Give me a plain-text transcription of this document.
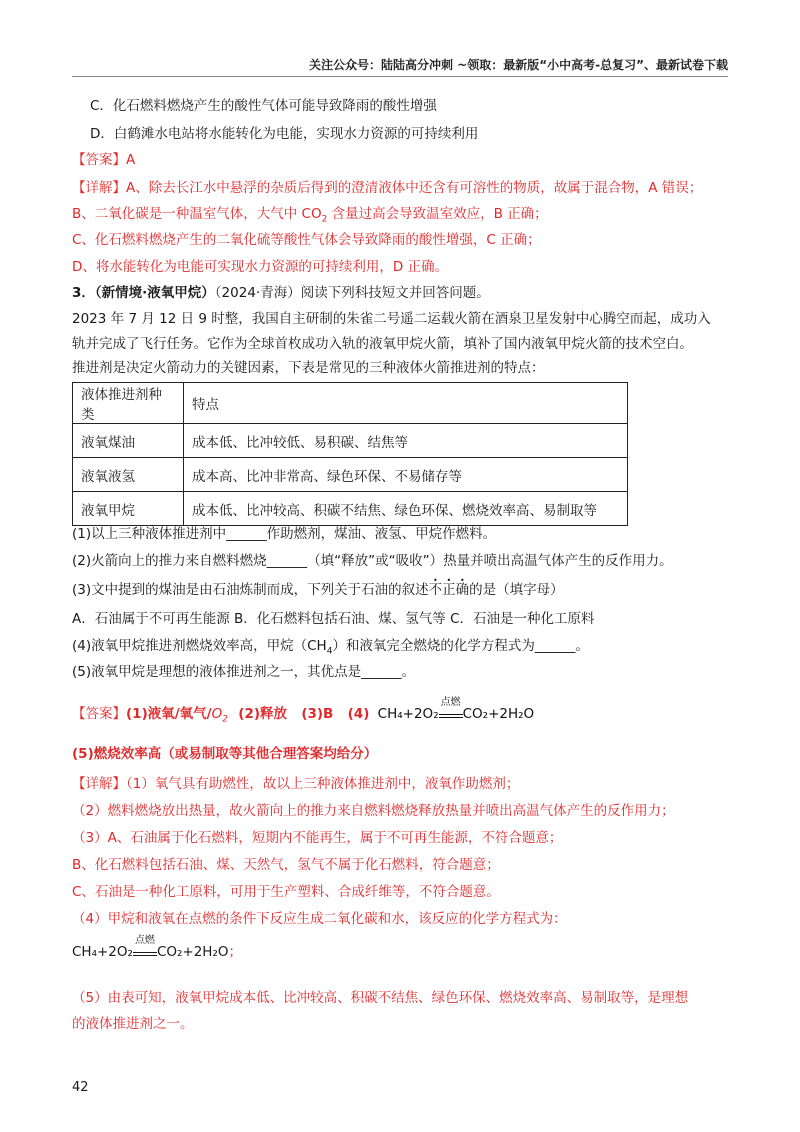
关注公众号：陆陆高分冲刺 ~领取：最新版“小中高考-总复习”、最新试卷下载
C．化石燃料燃烧产生的酸性气体可能导致降雨的酸性增强
D．白鹤滩水电站将水能转化为电能，实现水力资源的可持续利用
【答案】A
【详解】A、除去长江水中悬浮的杂质后得到的澄清液体中还含有可溶性的物质，故属于混合物，A 错误；
B、二氧化碳是一种温室气体，大气中 $CO_2$ 含量过高会导致温室效应，B 正确；
C、化石燃料燃烧产生的二氧化硫等酸性气体会导致降雨的酸性增强，C 正确；
D、将水能转化为电能可实现水力资源的可持续利用，D 正确。
3．（新情境·液氧甲烷）（2024·青海）阅读下列科技短文并回答问题。
2023 年 7 月 12 日 9 时整，我国自主研制的朱雀二号遥二运载火箭在酒泉卫星发射中心腾空而起，成功入
轨并完成了飞行任务。它作为全球首枚成功入轨的液氧甲烷火箭，填补了国内液氧甲烷火箭的技术空白。
推进剂是决定火箭动力的关键因素，下表是常见的三种液体火箭推进剂的特点：
液体推进剂种类	特点
液氧煤油	成本低、比冲较低、易积碳、结焦等
液氧液氢	成本高、比冲非常高、绿色环保、不易储存等
液氧甲烷	成本低、比冲较高、积碳不结焦、绿色环保、燃烧效率高、易制取等
(1)以上三种液体推进剂中______作助燃剂，煤油、液氢、甲烷作燃料。
(2)火箭向上的推力来自燃料燃烧______（填“释放”或“吸收”）热量并喷出高温气体产生的反作用力。
(3)文中提到的煤油是由石油炼制而成，下列关于石油的叙述不正确的是（填字母）
A．石油属于不可再生能源 B．化石燃料包括石油、煤、氢气等 C．石油是一种化工原料
(4)液氧甲烷推进剂燃烧效率高，甲烷$(CH_4)$和液氧完全燃烧的化学方程式为______。
(5)液氧甲烷是理想的液体推进剂之一，其优点是______。
【答案】(1)液氧/氧气$/O_2$ (2)释放 (3)B (4) CH₄+2O₂
点燃
CO₂+2H₂O
(5)燃烧效率高（或易制取等其他合理答案均给分）
【详解】（1）氧气具有助燃性，故以上三种液体推进剂中，液氧作助燃剂；
（2）燃料燃烧放出热量，故火箭向上的推力来自燃料燃烧释放热量并喷出高温气体产生的反作用力；
（3）A、石油属于化石燃料，短期内不能再生，属于不可再生能源，不符合题意；
B、化石燃料包括石油、煤、天然气，氢气不属于化石燃料，符合题意；
C、石油是一种化工原料，可用于生产塑料、合成纤维等，不符合题意。
（4）甲烷和液氧在点燃的条件下反应生成二氧化碳和水，该反应的化学方程式为：
CH₄+2O₂
点燃
CO₂+2H₂O；
（5）由表可知，液氧甲烷成本低、比冲较高、积碳不结焦、绿色环保、燃烧效率高、易制取等，是理想
的液体推进剂之一。
42
